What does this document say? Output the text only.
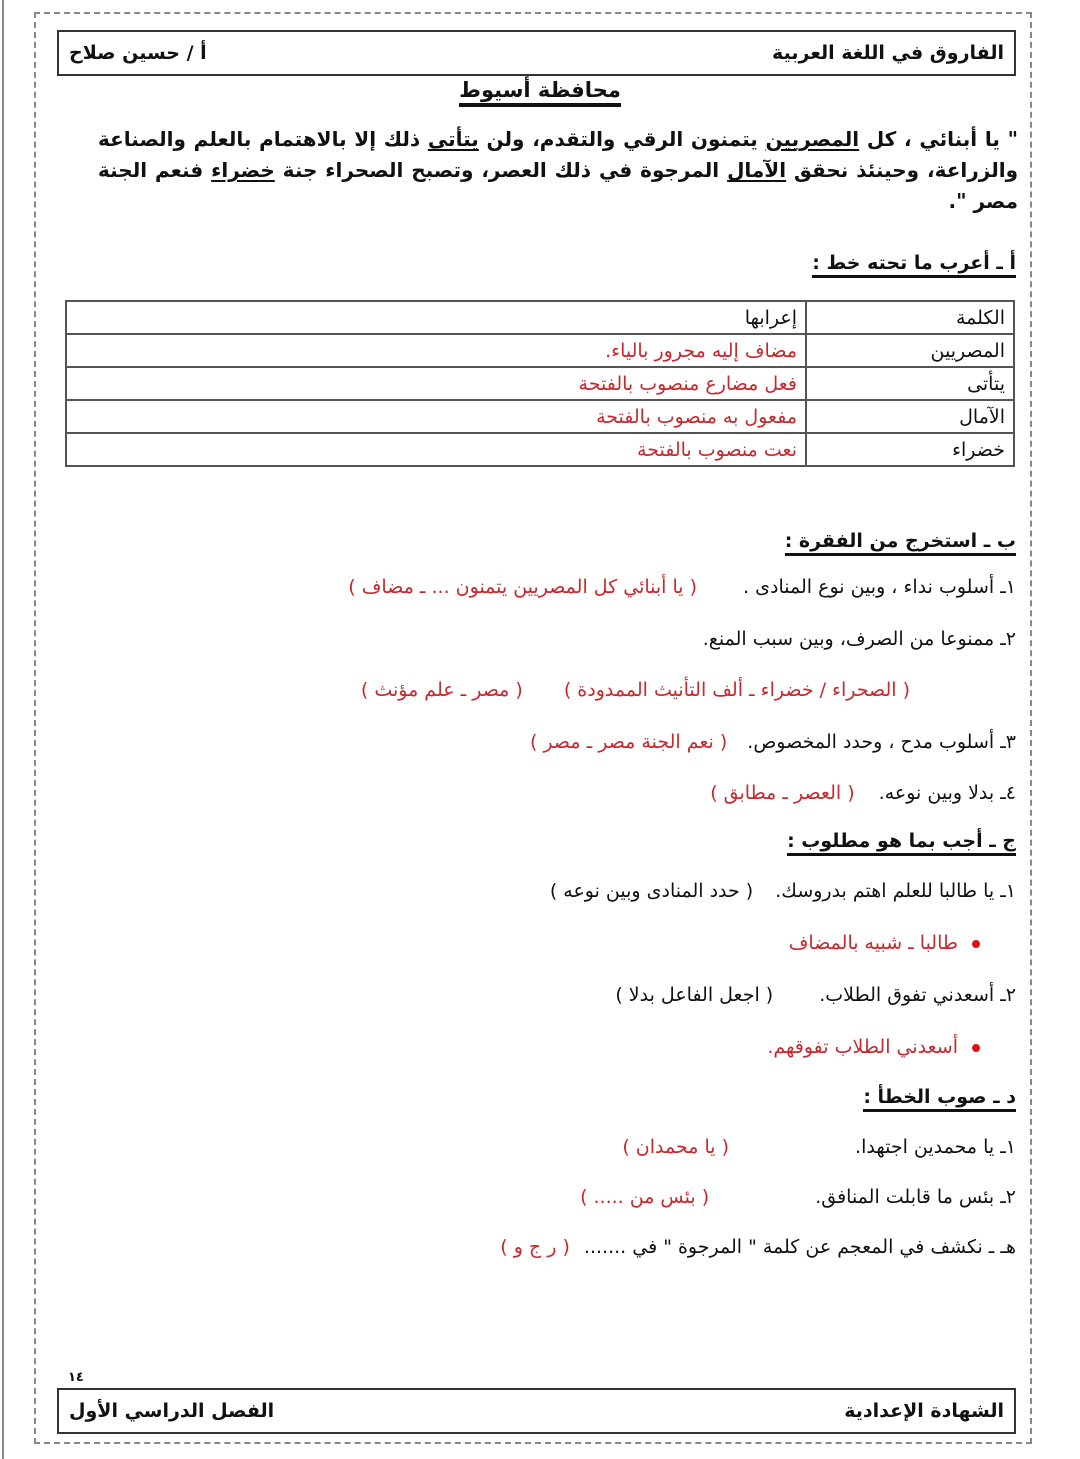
الفاروق في اللغة العربية
أ / حسين صلاح
محافظة أسيوط
" يا أبنائي ، كل المصريين يتمنون الرقي والتقدم، ولن يتأتى ذلك إلا بالاهتمام بالعلم والصناعة والزراعة، وحينئذ نحقق الآمال المرجوة في ذلك العصر، وتصبح الصحراء جنة خضراء فنعم الجنة مصر ".
أ ـ أعرب ما تحته خط :
الكلمة	إعرابها	
المصريين	مضاف إليه مجرور بالياء.	
يتأتى	فعل مضارع منصوب بالفتحة	
الآمال	مفعول به منصوب بالفتحة	
خضراء	نعت منصوب بالفتحة	
ب ـ استخرج من الفقرة :
١ـ أسلوب نداء ، وبين نوع المنادى . ( يا أبنائي كل المصريين يتمنون ... ـ مضاف )
٢ـ ممنوعا من الصرف، وبين سبب المنع.
( الصحراء / خضراء ـ ألف التأنيث الممدودة ) ( مصر ـ علم مؤنث )
٣ـ أسلوب مدح ، وحدد المخصوص. ( نعم الجنة مصر ـ مصر )
٤ـ بدلا وبين نوعه. ( العصر ـ مطابق )
ج ـ أجب بما هو مطلوب :
١ـ يا طالبا للعلم اهتم بدروسك. ( حدد المنادى وبين نوعه )
طالبا ـ شبيه بالمضاف
٢ـ أسعدني تفوق الطلاب. ( اجعل الفاعل بدلا )
أسعدني الطلاب تفوقهم.
د ـ صوب الخطأ :
١ـ يا محمدين اجتهدا. ( يا محمدان )
٢ـ بئس ما قابلت المنافق. ( بئس من ..... )
هـ ـ نكشف في المعجم عن كلمة " المرجوة " في ....... ( ر ج و )
١٤
الشهادة الإعدادية
الفصل الدراسي الأول
